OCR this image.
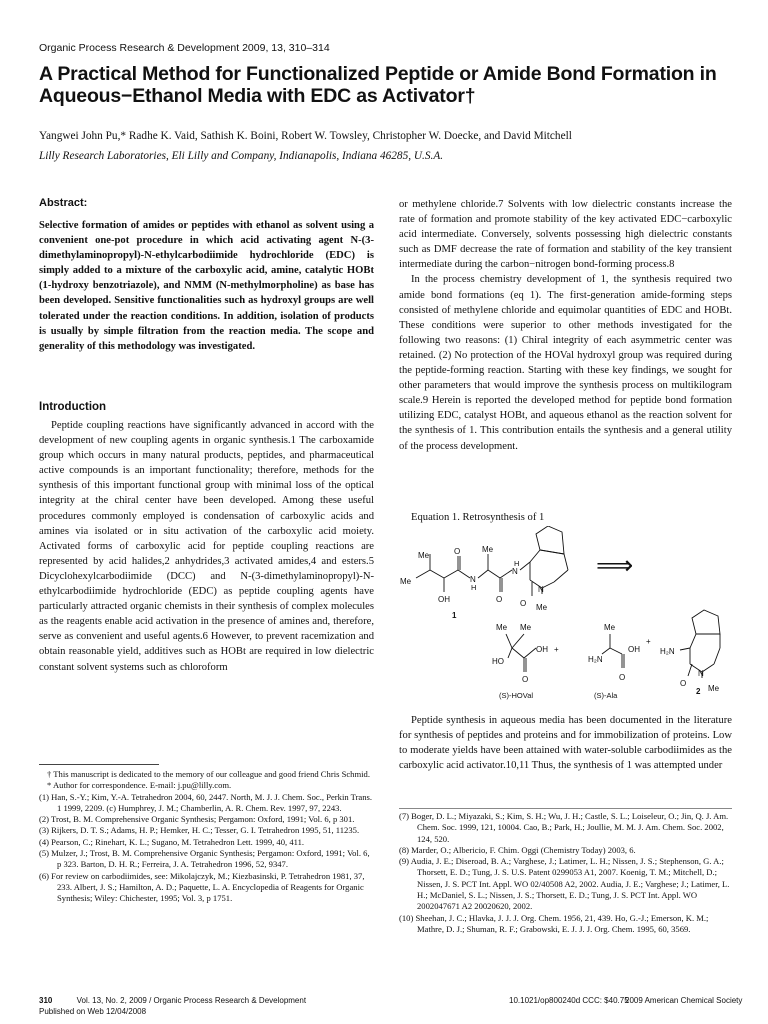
Organic Process Research & Development 2009, 13, 310–314
A Practical Method for Functionalized Peptide or Amide Bond Formation in
Aqueous−Ethanol Media with EDC as Activator†
Yangwei John Pu,* Radhe K. Vaid, Sathish K. Boini, Robert W. Towsley, Christopher W. Doecke, and David Mitchell
Lilly Research Laboratories, Eli Lilly and Company, Indianapolis, Indiana 46285, U.S.A.
Abstract:

Selective formation of amides or peptides with ethanol as solvent using a convenient one-pot procedure in which acid activating agent N-(3-dimethylaminopropyl)-N-ethylcarbodiimide hydrochloride (EDC) is simply added to a mixture of the carboxylic acid, amine, catalytic HOBt (1-hydroxy benzotriazole), and NMM (N-methylmorpholine) as base has been developed. Sensitive functionalities such as hydroxyl groups are well tolerated under the reaction conditions. In addition, isolation of products is usually by simple filtration from the reaction media. The scope and generality of this methodology was investigated.

Introduction

Peptide coupling reactions have significantly advanced in accord with the development of new coupling agents in organic synthesis.1 The carboxamide group which occurs in many natural products, peptides, and pharmaceutical active compounds is an important functionality; therefore, methods for the synthesis of this important functional group with minimal loss of the optical integrity at the chiral center have been developed. Among these useful procedures commonly employed is condensation of carboxylic acids and amines via isolated or in situ activation of the carboxylic acid moiety. Activated forms of carboxylic acid for peptide coupling reactions are represented by acid halides,2 anhydrides,3 activated amides,4 and esters.5 Dicyclohexylcarbodiimide (DCC) and N-(3-dimethylaminopropyl)-N-ethylcarbodiimide hydrochloride (EDC) as peptide coupling agents have particularly attracted organic chemists in their synthesis of complex molecules as the reagents enable acid activation in the presence of amines and, therefore, serve as convenient and useful agents.6 However, to prevent racemization and obtain reasonable yield, additives such as HOBt are required in low dielectric constant solvent systems such as chloroform

† This manuscript is dedicated to the memory of our colleague and good friend Chris Schmid.

* Author for correspondence. E-mail: j.pu@lilly.com.

(1) Han, S.-Y.; Kim, Y.-A. Tetrahedron 2004, 60, 2447. North, M. J. J. Chem. Soc., Perkin Trans. 1 1999, 2209. (c) Humphrey, J. M.; Chamberlin, A. R. Chem. Rev. 1997, 97, 2243.

(2) Trost, B. M. Comprehensive Organic Synthesis; Pergamon: Oxford, 1991; Vol. 6, p 301.

(3) Rijkers, D. T. S.; Adams, H. P.; Hemker, H. C.; Tesser, G. I. Tetrahedron 1995, 51, 11235.

(4) Pearson, C.; Rinehart, K. L.; Sugano, M. Tetrahedron Lett. 1999, 40, 411.

(5) Mulzer, J.; Trost, B. M. Comprehensive Organic Synthesis; Pergamon: Oxford, 1991; Vol. 6, p 323. Barton, D. H. R.; Ferreira, J. A. Tetrahedron 1996, 52, 9347.

(6) For review on carbodiimides, see: Mikolajczyk, M.; Kiezbasinski, P. Tetrahedron 1981, 37, 233. Albert, J. S.; Hamilton, A. D.; Paquette, L. A. Encyclopedia of Reagents for Organic Synthesis; Wiley: Chichester, 1995; Vol. 3, p 1751.

or methylene chloride.7 Solvents with low dielectric constants increase the rate of formation and promote stability of the key activated EDC−carboxylic acid intermediate. Conversely, solvents possessing high dielectric constants such as DMF decrease the rate of formation and stability of the key transient intermediate during the carbon−nitrogen bond-forming process.8

In the process chemistry development of 1, the synthesis required two amide bond formations (eq 1). The first-generation amide-forming steps consisted of methylene chloride and equimolar quantities of EDC and HOBt. These conditions were superior to other methods investigated for the following two reasons: (1) Chiral integrity of each asymmetric center was retained. (2) No protection of the HOVal hydroxyl group was required during the peptide-forming reaction. Starting with these key findings, we sought for other parameters that would improve the synthesis process on multikilogram scale.9 Herein is reported the developed method for peptide bond formation utilizing EDC, catalyst HOBt, and aqueous ethanol as the reaction solvent for the synthesis of 1. This contribution entails the synthesis and a general utility of the process development.

Equation 1. Retrosynthesis of 1
Me
Me
OH
O
N
H
Me
O
N
H
O
N
Me
1
⟹
Me Me
HO
OH
O
+
(S)-HOVal
Me
H₂N
OH
O
+
(S)-Ala
H₂N
O
N
Me
2

Peptide synthesis in aqueous media has been documented in the literature for synthesis of peptides and proteins and for immobilization of proteins. Low to moderate yields have been attained with water-soluble carbodiimides as the carboxylic acid activator.10,11 Thus, the synthesis of 1 was attempted under

(7) Boger, D. L.; Miyazaki, S.; Kim, S. H.; Wu, J. H.; Castle, S. L.; Loiseleur, O.; Jin, Q. J. Am. Chem. Soc. 1999, 121, 10004. Cao, B.; Park, H.; Joullie, M. M. J. Am. Chem. Soc. 2002, 124, 520.

(8) Marder, O.; Albericio, F. Chim. Oggi (Chemistry Today) 2003, 6.

(9) Audia, J. E.; Diseroad, B. A.; Varghese, J.; Latimer, L. H.; Nissen, J. S.; Stephenson, G. A.; Thorsett, E. D.; Tung, J. S. U.S. Patent 0299053 A1, 2007. Koenig, T. M.; Mitchell, D.; Nissen, J. S. PCT Int. Appl. WO 02/40508 A2, 2002. Audia, J. E.; Varghese; J.; Latimer, L. H.; McDaniel, S. L.; Nissen, J. S.; Thorsett, E. D.; Tung, J. S. PCT Int. Appl. WO 2002047671 A2 20020620, 2002.

(10) Sheehan, J. C.; Hlavka, J. J. J. Org. Chem. 1956, 21, 439. Ho, G.-J.; Emerson, K. M.; Mathre, D. J.; Shuman, R. F.; Grabowski, E. J. J. J. Org. Chem. 1995, 60, 3569.

310	Vol. 13, No. 2, 2009 / Organic Process Research & Development
Published on Web 12/04/2008
10.1021/op800240d CCC: $40.75
2009 American Chemical Society
